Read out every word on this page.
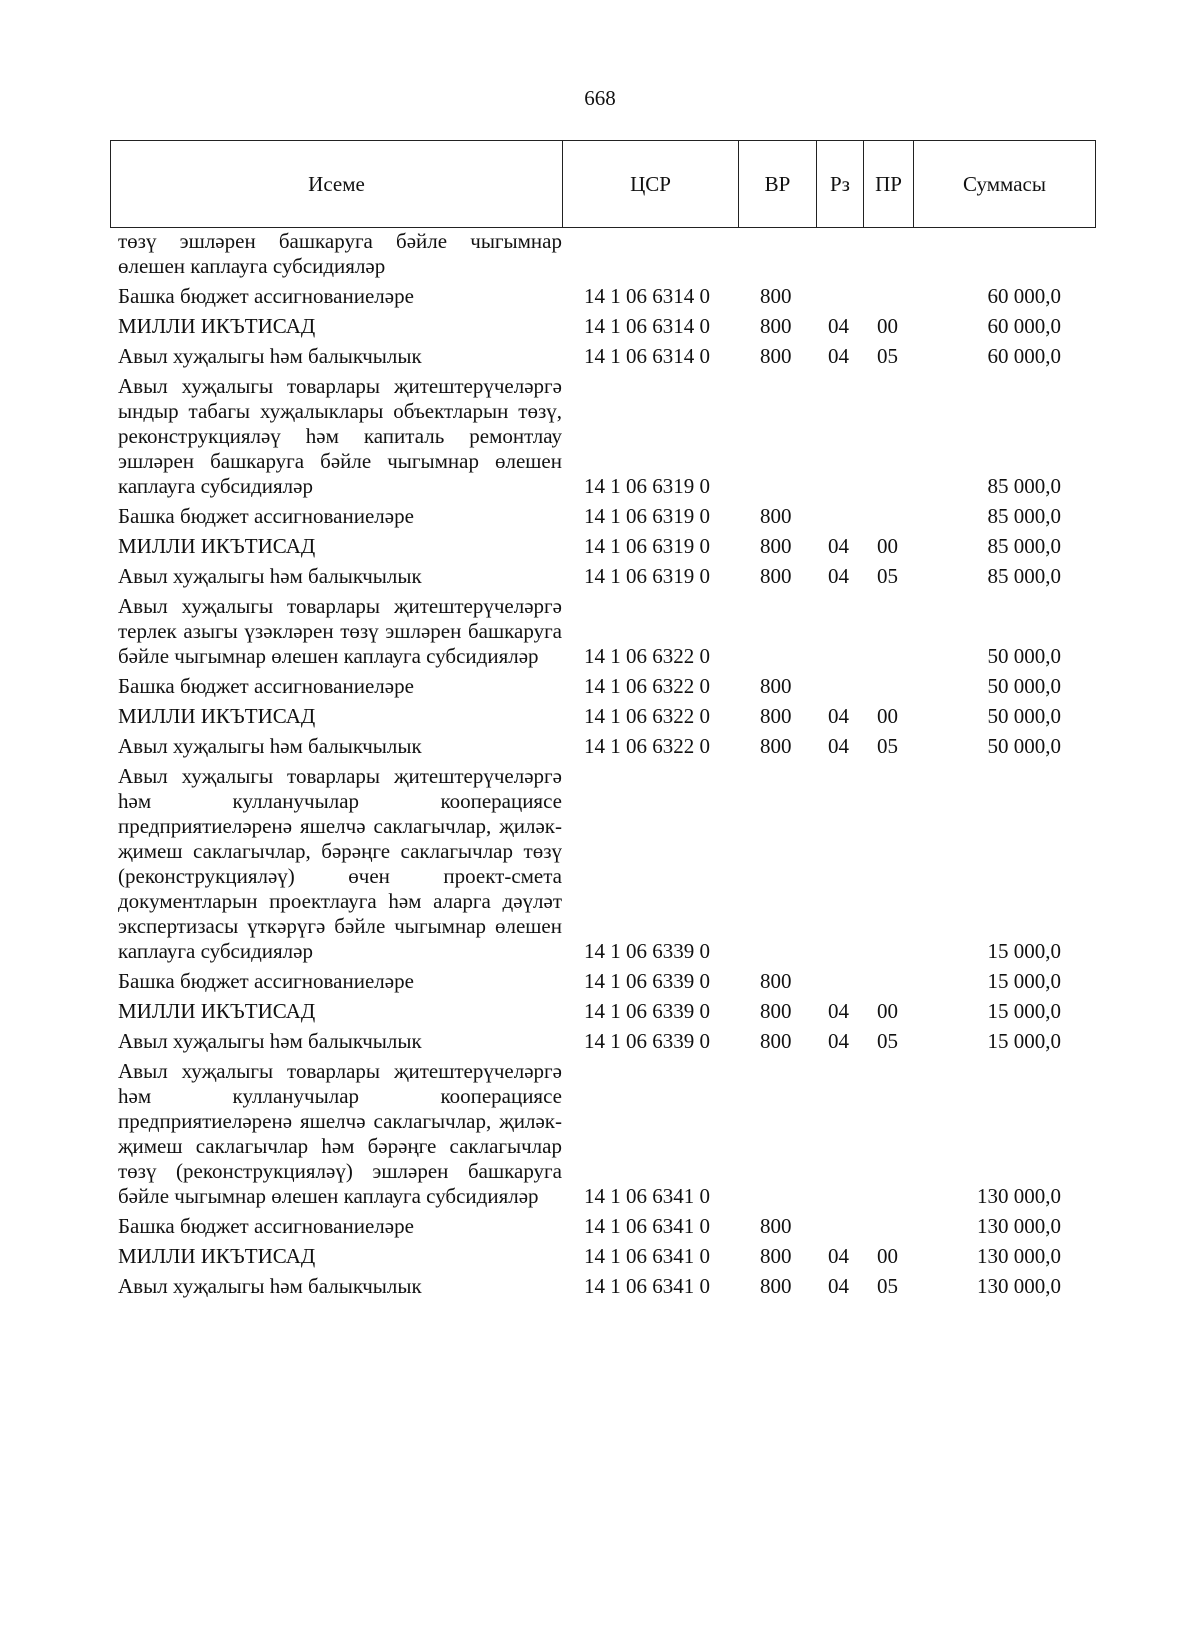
668
Исеме	ЦСР	ВР	Рз	ПР	Суммасы
төзү эшләрен башкаруга бәйле чыгымнар өлешен каплауга субсидияләр					
Башка бюджет ассигнованиеләре	14 1 06 6314 0	800			60 000,0
МИЛЛИ ИКЪТИСАД	14 1 06 6314 0	800	04	00	60 000,0
Авыл хуҗалыгы һәм балыкчылык	14 1 06 6314 0	800	04	05	60 000,0
Авыл хуҗалыгы товарлары җитештерүчеләргә ындыр табагы хуҗалыклары объектларын төзү, реконструкцияләү һәм капиталь ремонтлау эшләрен башкаруга бәйле чыгымнар өлешен каплауга субсидияләр	14 1 06 6319 0				85 000,0
Башка бюджет ассигнованиеләре	14 1 06 6319 0	800			85 000,0
МИЛЛИ ИКЪТИСАД	14 1 06 6319 0	800	04	00	85 000,0
Авыл хуҗалыгы һәм балыкчылык	14 1 06 6319 0	800	04	05	85 000,0
Авыл хуҗалыгы товарлары җитештерүчеләргә терлек азыгы үзәкләрен төзү эшләрен башкаруга бәйле чыгымнар өлешен каплауга субсидияләр	14 1 06 6322 0				50 000,0
Башка бюджет ассигнованиеләре	14 1 06 6322 0	800			50 000,0
МИЛЛИ ИКЪТИСАД	14 1 06 6322 0	800	04	00	50 000,0
Авыл хуҗалыгы һәм балыкчылык	14 1 06 6322 0	800	04	05	50 000,0
Авыл хуҗалыгы товарлары җитештерүчеләргә һәм кулланучылар кооперациясе предприятиеләренә яшелчә саклагычлар, җиләк-җимеш саклагычлар, бәрәңге саклагычлар төзү (реконструкцияләү) өчен проект-смета документларын проектлауга һәм аларга дәүләт экспертизасы үткәрүгә бәйле чыгымнар өлешен каплауга субсидияләр	14 1 06 6339 0				15 000,0
Башка бюджет ассигнованиеләре	14 1 06 6339 0	800			15 000,0
МИЛЛИ ИКЪТИСАД	14 1 06 6339 0	800	04	00	15 000,0
Авыл хуҗалыгы һәм балыкчылык	14 1 06 6339 0	800	04	05	15 000,0
Авыл хуҗалыгы товарлары җитештерүчеләргә һәм кулланучылар кооперациясе предприятиеләренә яшелчә саклагычлар, җиләк-җимеш саклагычлар һәм бәрәңге саклагычлар төзү (реконструкцияләү) эшләрен башкаруга бәйле чыгымнар өлешен каплауга субсидияләр	14 1 06 6341 0				130 000,0
Башка бюджет ассигнованиеләре	14 1 06 6341 0	800			130 000,0
МИЛЛИ ИКЪТИСАД	14 1 06 6341 0	800	04	00	130 000,0
Авыл хуҗалыгы һәм балыкчылык	14 1 06 6341 0	800	04	05	130 000,0
